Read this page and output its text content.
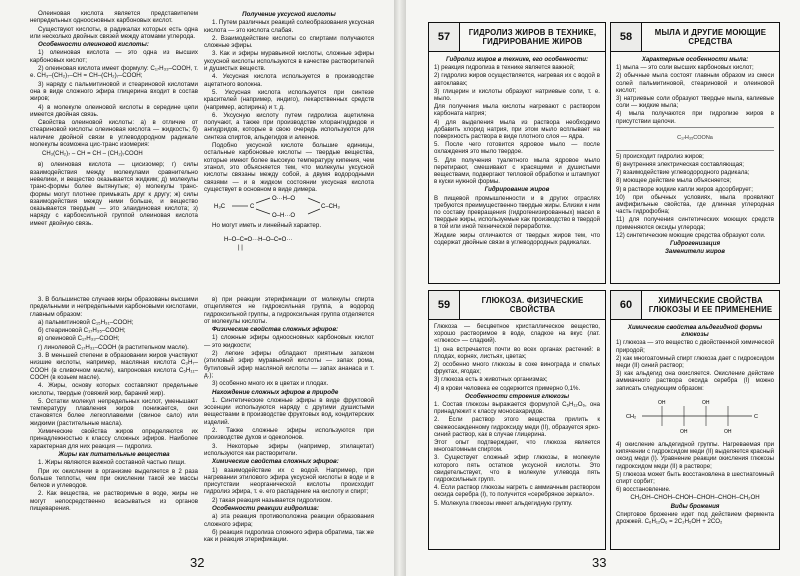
Олеиновая кислота является представителем непредельных одноосновных карбоновых кислот.

Существуют кислоты, в радикалах которых есть одна или несколько двойных связей между атомами углерода.

Особенности олеиновой кислоты:

1) олеиновая кислота — это одна из высших карбоновых кислот;

2) олеиновая кислота имеет формулу: C₁₇H₃₃–COOH, т. е. CH₃–(CH₂)₇–CH = CH–(CH₂)₇–COOH;

3) наряду с пальмитиновой и стеариновой кислотами она в виде сложного эфира глицерина входит в состав жиров;

4) в молекуле олеиновой кислоты в середине цепи имеется двойная связь.

Свойства олеиновой кислоты: а) в отличие от стеариновой кислоты олеиновая кислота — жидкость; б) наличие двойной связи в углеводородном радикале молекулы возможна цис-транс изомерия:

CH₃(CH₂)₇ ‒ CH = CH ‒ (CH₂)₇COOH

в) олеиновая кислота — цисизомер; г) силы взаимодействия между молекулами сравнительно невелики, и вещество оказывается жидким; д) молекулы транс-формы более вытянутые; е) молекулы транс-формы могут плотнее примыкать друг к другу; ж) силы взаимодействия между ними больше, и вещество оказывается твердым — это элаидиновая кислота; з) наряду с карбоксильной группой олеиновая кислота имеет двойную связь.

Получение уксусной кислоты

1. Путем различных реакций солеобразования уксусная кислота — это кислота слабая.

2. Взаимодействие кислоты со спиртами получаются сложные эфиры.

3. Как и эфиры муравьиной кислоты, сложные эфиры уксусной кислоты используются в качестве растворителей и душистых веществ.

4. Уксусная кислота используется в производстве ацетатного волокна.

5. Уксусная кислота используется при синтезе красителей (например, индиго), лекарственных средств (например, аспирина) и т. д.

6. Уксусную кислоту путем гидролиза ацетилена получают, а также при производстве хлорангидридов и ангидридов, которые в свою очередь используются для синтеза спиртов, альдегидов и алкенов.

Подобно уксусной кислоте большие единицы, остальные карбоновые кислоты — твердые вещества, которые имеют более высокую температуру кипения, чем этанол, это объясняется тем, что молекулы уксусной кислоты связаны между собой, а двумя водородными связями — и в жидком состоянии уксусная кислота существует в основном в виде димера.

H₃C	C
O···H–O
O–H···O
C–CH₃

Но могут иметь и линейный характер.

H–O–C=O···H–O–C=O···
| |

3. В большинстве случаев жиры образованы высшими предельными и непредельными карбоновыми кислотами, главным образом:

а) пальмитиновой C₁₅H₃₁–COOH;

б) стеариновой C₁₇H₃₅–COOH;

в) олеиновой C₁₇H₃₃–COOH;

г) линолевой C₁₇H₃₁–COOH (в растительном масле).

3. В меньшей степени в образовании жиров участвуют низшие кислоты, например, масляная кислота C₃H₇–COOH (в сливочном масле), капроновая кислота C₅H₁₁–COOH (в козьем масле).

4. Жиры, основу которых составляют предельные кислоты, твердые (говяжий жир, бараний жир).

5. Остатки молекул непредельных кислот, уменьшают температуру плавления жиров понижается, они становятся более легкоплавкими (свиное сало) или жидкими (растительные масла).

Химические свойства жиров определяются их принадлежностью к классу сложных эфиров. Наиболее характерная для них реакция — гидролиз.

Жиры как питательные вещества

1. Жиры являются важной составной частью пищи.

При их окислении в организме выделяется в 2 раза больше теплоты, чем при окислении такой же массы белков и углеводов.

2. Как вещества, не растворимые в воде, жиры не могут непосредственно всасываться из органов пищеварения.

в) при реакции этерификации от молекулы спирта отщепляется не гидроксильная группа, а водород гидроксильной группы, а гидроксильная группа отделяется от молекулы кислоты.

Физические свойства сложных эфиров:

1) сложные эфиры одноосновных карбоновых кислот — это жидкости;

2) легкие эфиры обладают приятным запахом (этиловый эфир муравьиной кислоты — запах рома, бутиловый эфир масляной кислоты — запах ананаса и т. д.);

3) особенно много их в цветах и плодах.

Нахождение сложных эфиров в природе

1. Синтетические сложные эфиры в виде фруктовой эссенции используются наряду с другими душистыми веществами в производстве фруктовых вод, кондитерских изделий.

2. Также сложные эфиры используются при производстве духов и одеколонов.

3. Некоторые эфиры (например, этилацетат) используются как растворители.

Химические свойства сложных эфиров:

1) взаимодействие их с водой. Например, при нагревании этилового эфира уксусной кислоты в воде и в присутствии неорганической кислоты происходит гидролиз эфира, т. е. его распадение на кислоту и спирт;

2) такая реакция называется гидролизом.

Особенности реакции гидролиза:

а) эта реакция противоположна реакции образования сложного эфира;

б) реакция гидролиза сложного эфира обратима, так же как и реакция этерификации.

32
57	ГИДРОЛИЗ ЖИРОВ В ТЕХНИКЕ, ГИДРИРОВАНИЕ ЖИРОВ
Гидролиз жиров в технике, его особенности:

1) реакция гидролиза в технике является важной;

2) гидролиз жиров осуществляется, нагревая их с водой в автоклавах;

3) глицерин и кислоты образуют натриевые соли, т. е. мыло.

Для получения мыла кислоты нагревают с раствором карбоната натрия;

4) для выделения мыла из раствора необходимо добавить хлорид натрия, при этом мыло всплывает на поверхность раствора в виде плотного слоя — ядра.

5. После чего готовится ядровое мыло — после охлаждения это мыло твердое.

5. Для получения туалетного мыла ядровое мыло перетирают, смешивают с красящими и душистыми веществами, подвергают тепловой обработке и штампуют в куски нужной формы.

Гидрирование жиров

В пищевой промышленности и в других отраслях требуются преимущественно твердые жиры. Близки к ним по составу превращения (гидрогенизированных) масел в твердые жиры, используемые как производство в твердой в той или иной технической переработке.

Жидкие жиры отличаются от твердых жиров тем, что содержат двойные связи в углеводородных радикалах.

58	МЫЛА И ДРУГИЕ МОЮЩИЕ СРЕДСТВА
Характерные особенности мыла:

1) мыла — это соли высших карбоновых кислот;

2) обычные мыла состоят главным образом из смеси солей пальмитиновой, стеариновой и олеиновой кислот;

3) натриевые соли образуют твердые мыла, калиевые соли — жидкие мыла;

4) мыла получаются при гидролизе жиров в присутствии щелочи.

C₁₇H₃₅COONa

5) происходит гидролиз жиров;

6) внутренняя электрическая составляющая;

7) взаимодействие углеводородного радикала;

8) моющее действие мыла объясняется;

9) в растворе жидкие капли жиров адсорбирует;

10) при обычных условиях, мыла проявляют амфифильные свойства, где длинная углеродная часть гидрофобна;

11) для получения синтетических моющих средств применяются оксиды углерода;

12) синтетические моющие средства образуют соли.

Гидрогенизация
Заменители жиров
59	ГЛЮКОЗА. ФИЗИЧЕСКИЕ СВОЙСТВА

Глюкоза — бесцветное кристаллическое вещество, хорошо растворимое в воде, сладкое на вкус (лат. «глюкос» — сладкий).

1) она встречается почти во всех органах растений: в плодах, корнях, листьях, цветах;

2) особенно много глюкозы в соке винограда и спелых фруктах, ягодах;

3) глюкоза есть в животных организмах;

4) в крови человека ее содержится примерно 0,1%.

Особенности строения глюкозы

1. Состав глюкозы выражается формулой C₆H₁₂O₆, она принадлежит к классу моносахаридов.

2. Если раствор этого вещества прилить к свежеосажденному гидроксиду меди (II), образуется ярко-синий раствор, как в случае глицерина.

Этот опыт подтверждает, что глюкоза является многоатомным спиртом.

3. Существует сложный эфир глюкозы, в молекуле которого пять остатков уксусной кислоты. Это свидетельствует, что в молекуле углевода пять гидроксильных групп.

4. Если раствор глюкозы нагреть с аммиачным раствором оксида серебра (I), то получится «серебряное зеркало».

5. Молекула глюкозы имеет альдегидную группу.

60	ХИМИЧЕСКИЕ СВОЙСТВА ГЛЮКОЗЫ И ЕЕ ПРИМЕНЕНИЕ
Химические свойства альдегидной формы глюкозы

1) глюкоза — это вещество с двойственной химической природой;

2) как многоатомный спирт глюкоза дает с гидроксидом меди (II) синий раствор;

3) как альдегид она окисляется. Окисление действие аммиачного раствора оксида серебра (I) можно записать следующим образом:

CH₂	C
OH
OH
OH
OH

4) окисление альдегидной группы. Нагреваемая при кипячении с гидроксидом меди (II) выделяется красный оксид меди (I). Уравнение реакции окисления глюкозы гидроксидом меди (II) в растворе;

5) глюкоза может быть восстановлена в шестиатомный спирт сорбит;

6) восстановление.

CH₂OH‒CHOH‒CHOH‒CHOH‒CHOH‒CH₂OH

Виды брожения

Спиртовое брожение идет под действием фермента дрожжей. C₆H₁₂O₆ = 2C₂H₅OH + 2CO₂

33
